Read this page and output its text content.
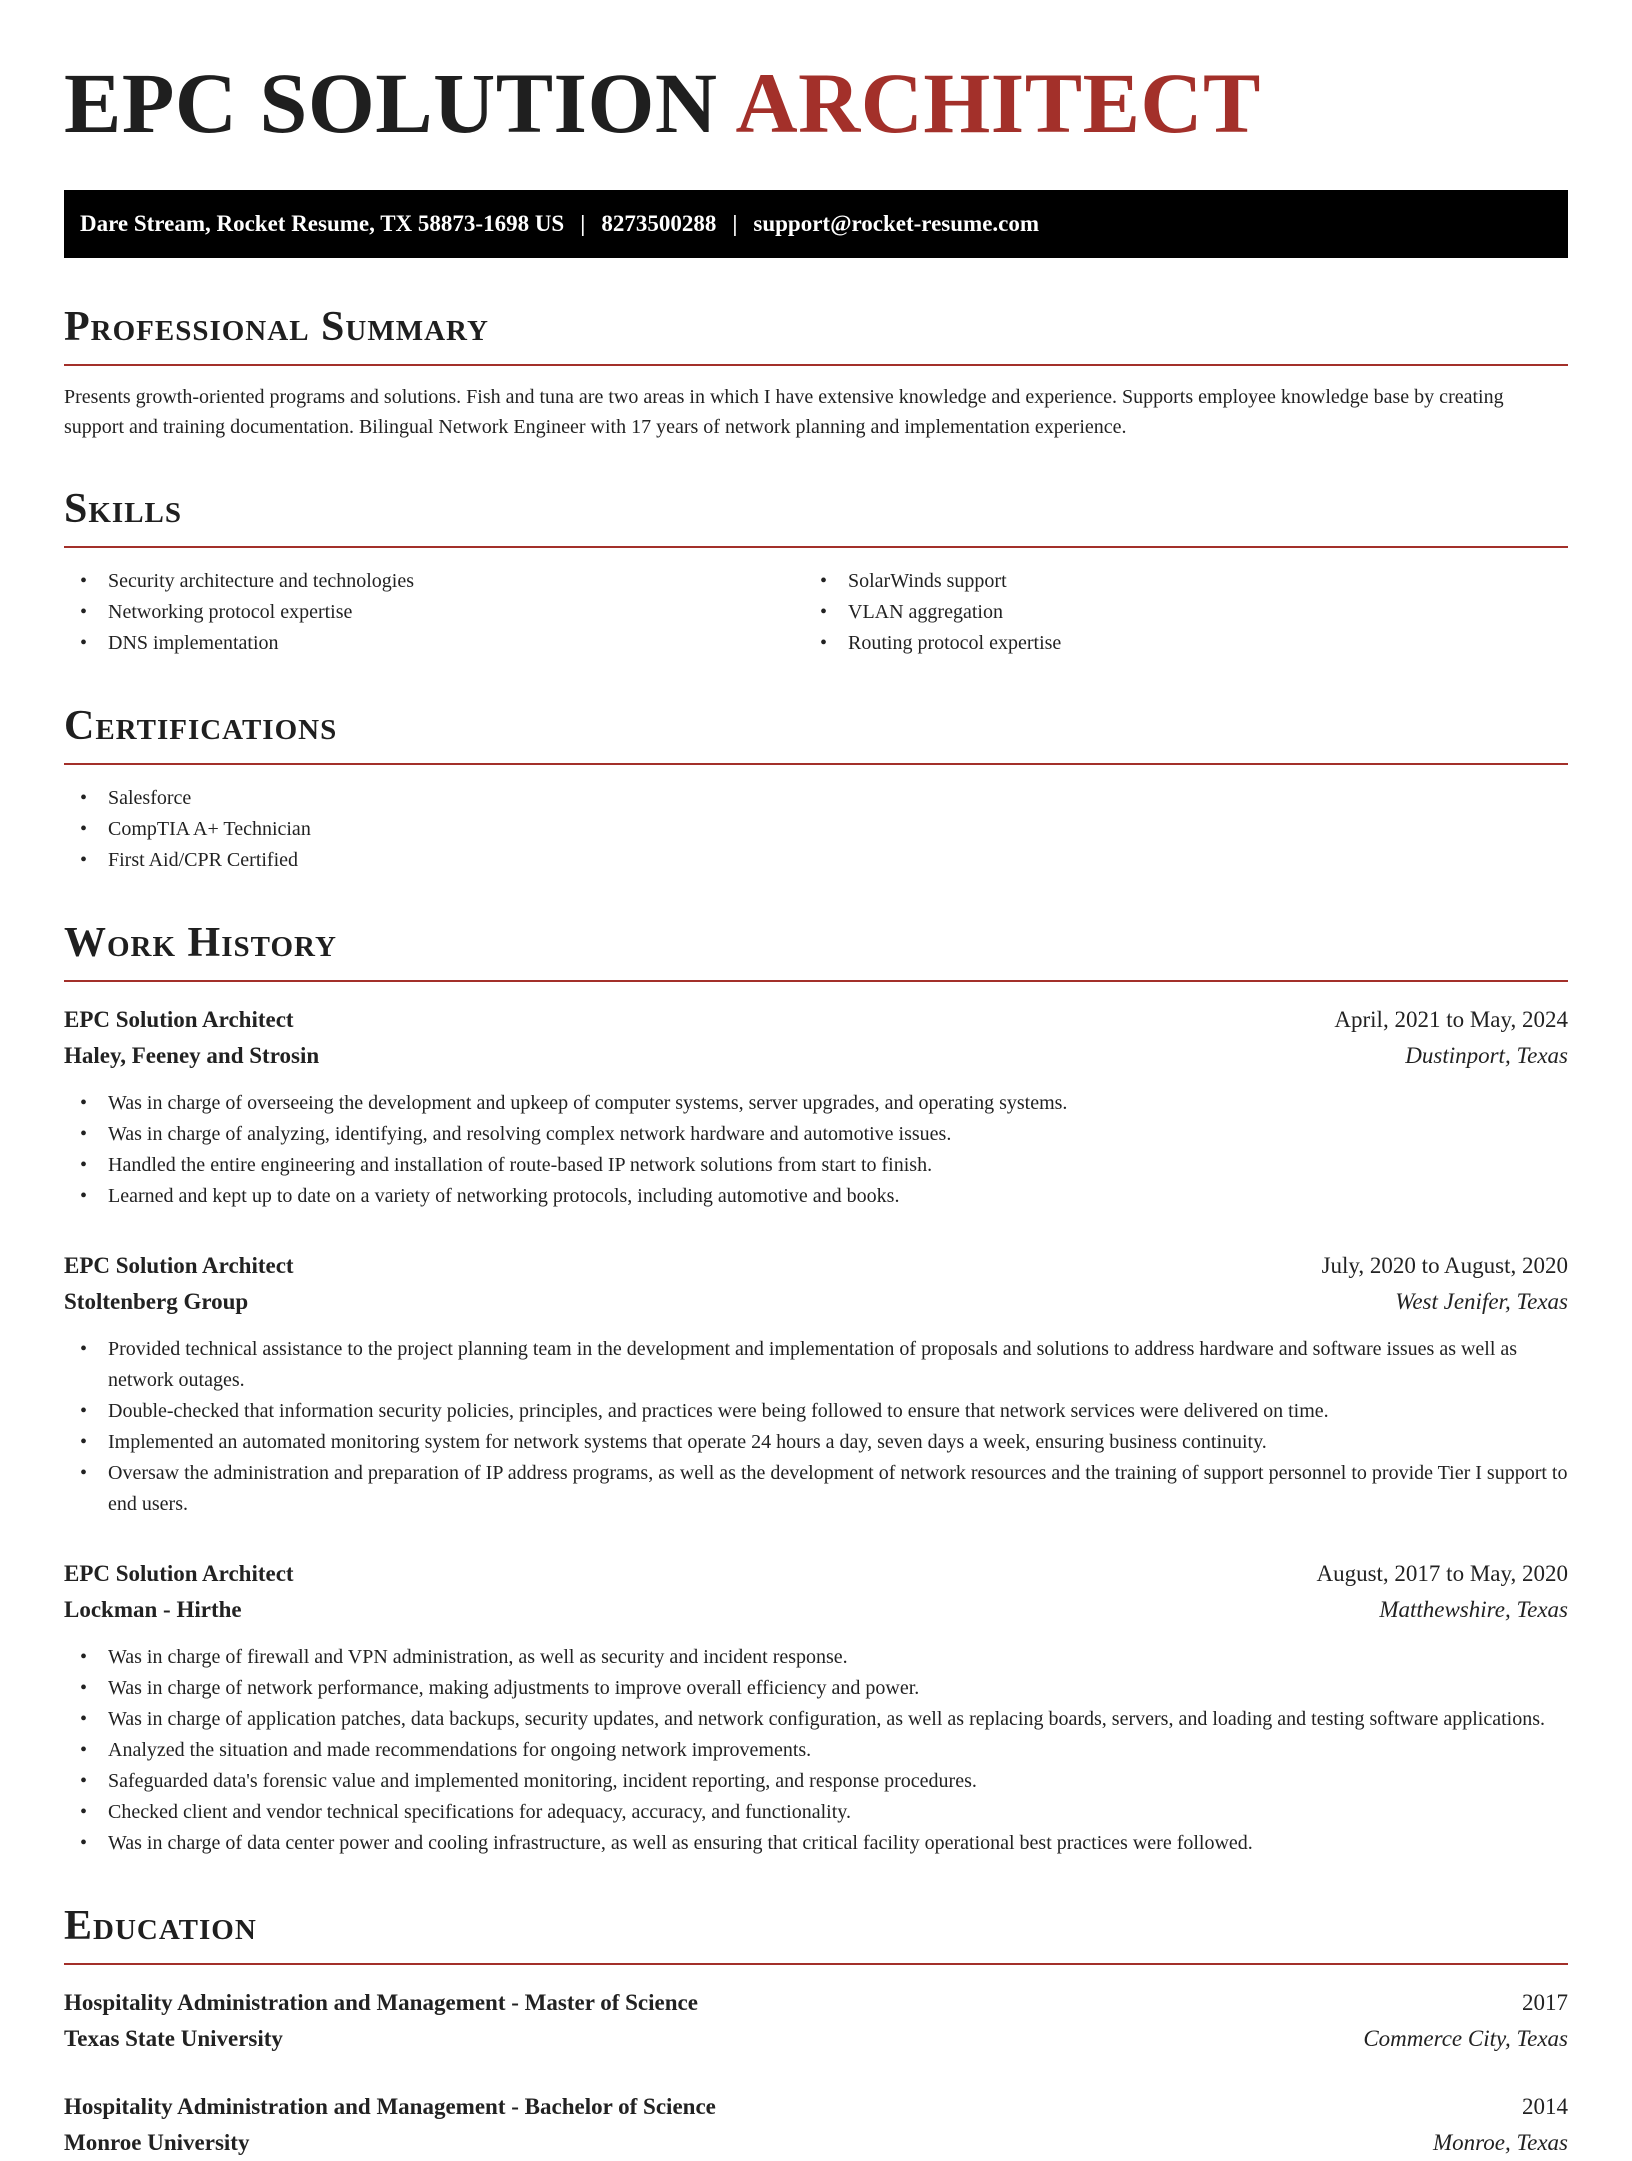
EPC SOLUTION ARCHITECT
Dare Stream, Rocket Resume, TX 58873-1698 US | 8273500288 | support@rocket-resume.com
Professional Summary

Presents growth-oriented programs and solutions. Fish and tuna are two areas in which I have extensive knowledge and experience. Supports employee knowledge base by creating support and training documentation. Bilingual Network Engineer with 17 years of network planning and implementation experience.

Skills
• Security architecture and technologies
• Networking protocol expertise
• DNS implementation
• SolarWinds support
• VLAN aggregation
• Routing protocol expertise
Certifications
• Salesforce
• CompTIA A+ Technician
• First Aid/CPR Certified
Work History
EPC Solution Architect	April, 2021 to May, 2024
Haley, Feeney and Strosin	Dustinport, Texas
• Was in charge of overseeing the development and upkeep of computer systems, server upgrades, and operating systems.
• Was in charge of analyzing, identifying, and resolving complex network hardware and automotive issues.
• Handled the entire engineering and installation of route-based IP network solutions from start to finish.
• Learned and kept up to date on a variety of networking protocols, including automotive and books.
EPC Solution Architect	July, 2020 to August, 2020
Stoltenberg Group	West Jenifer, Texas
• Provided technical assistance to the project planning team in the development and implementation of proposals and solutions to address hardware and software issues as well as network outages.
• Double-checked that information security policies, principles, and practices were being followed to ensure that network services were delivered on time.
• Implemented an automated monitoring system for network systems that operate 24 hours a day, seven days a week, ensuring business continuity.
• Oversaw the administration and preparation of IP address programs, as well as the development of network resources and the training of support personnel to provide Tier I support to end users.
EPC Solution Architect	August, 2017 to May, 2020
Lockman - Hirthe	Matthewshire, Texas
• Was in charge of firewall and VPN administration, as well as security and incident response.
• Was in charge of network performance, making adjustments to improve overall efficiency and power.
• Was in charge of application patches, data backups, security updates, and network configuration, as well as replacing boards, servers, and loading and testing software applications.
• Analyzed the situation and made recommendations for ongoing network improvements.
• Safeguarded data's forensic value and implemented monitoring, incident reporting, and response procedures.
• Checked client and vendor technical specifications for adequacy, accuracy, and functionality.
• Was in charge of data center power and cooling infrastructure, as well as ensuring that critical facility operational best practices were followed.
Education
Hospitality Administration and Management - Master of Science	2017
Texas State University	Commerce City, Texas
Hospitality Administration and Management - Bachelor of Science	2014
Monroe University	Monroe, Texas
